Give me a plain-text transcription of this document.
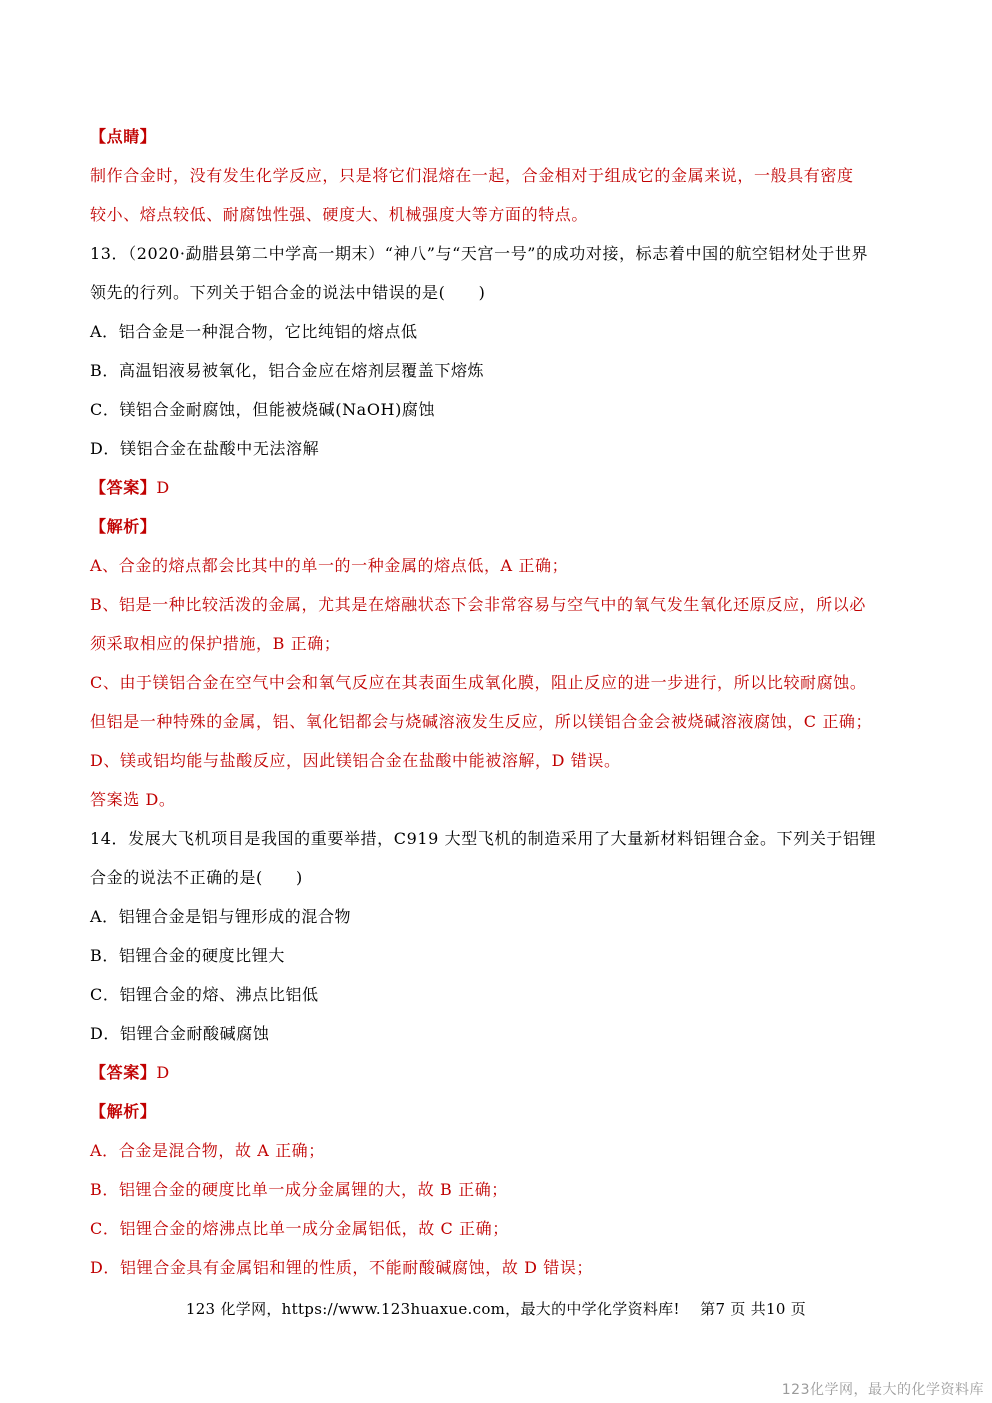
【点睛】
制作合金时，没有发生化学反应，只是将它们混熔在一起，合金相对于组成它的金属来说，一般具有密度
较小、熔点较低、耐腐蚀性强、硬度大、机械强度大等方面的特点。
13．（2020·勐腊县第二中学高一期末）“神八”与“天宫一号”的成功对接，标志着中国的航空铝材处于世界
领先的行列。下列关于铝合金的说法中错误的是(　　)
A．铝合金是一种混合物，它比纯铝的熔点低
B．高温铝液易被氧化，铝合金应在熔剂层覆盖下熔炼
C．镁铝合金耐腐蚀，但能被烧碱(NaOH)腐蚀
D．镁铝合金在盐酸中无法溶解
【答案】D
【解析】
A、合金的熔点都会比其中的单一的一种金属的熔点低，A 正确；
B、铝是一种比较活泼的金属，尤其是在熔融状态下会非常容易与空气中的氧气发生氧化还原反应，所以必
须采取相应的保护措施，B 正确；
C、由于镁铝合金在空气中会和氧气反应在其表面生成氧化膜，阻止反应的进一步进行，所以比较耐腐蚀。
但铝是一种特殊的金属，铝、氧化铝都会与烧碱溶液发生反应，所以镁铝合金会被烧碱溶液腐蚀，C 正确；
D、镁或铝均能与盐酸反应，因此镁铝合金在盐酸中能被溶解，D 错误。
答案选 D。
14．发展大飞机项目是我国的重要举措，C919 大型飞机的制造采用了大量新材料铝锂合金。下列关于铝锂
合金的说法不正确的是(　　)
A．铝锂合金是铝与锂形成的混合物
B．铝锂合金的硬度比锂大
C．铝锂合金的熔、沸点比铝低
D．铝锂合金耐酸碱腐蚀
【答案】D
【解析】
A．合金是混合物，故 A 正确；
B．铝锂合金的硬度比单一成分金属锂的大，故 B 正确；
C．铝锂合金的熔沸点比单一成分金属铝低，故 C 正确；
D．铝锂合金具有金属铝和锂的性质，不能耐酸碱腐蚀，故 D 错误；
123 化学网，https://www.123huaxue.com，最大的中学化学资料库!　 第7 页 共10 页
123化学网，最大的化学资料库
